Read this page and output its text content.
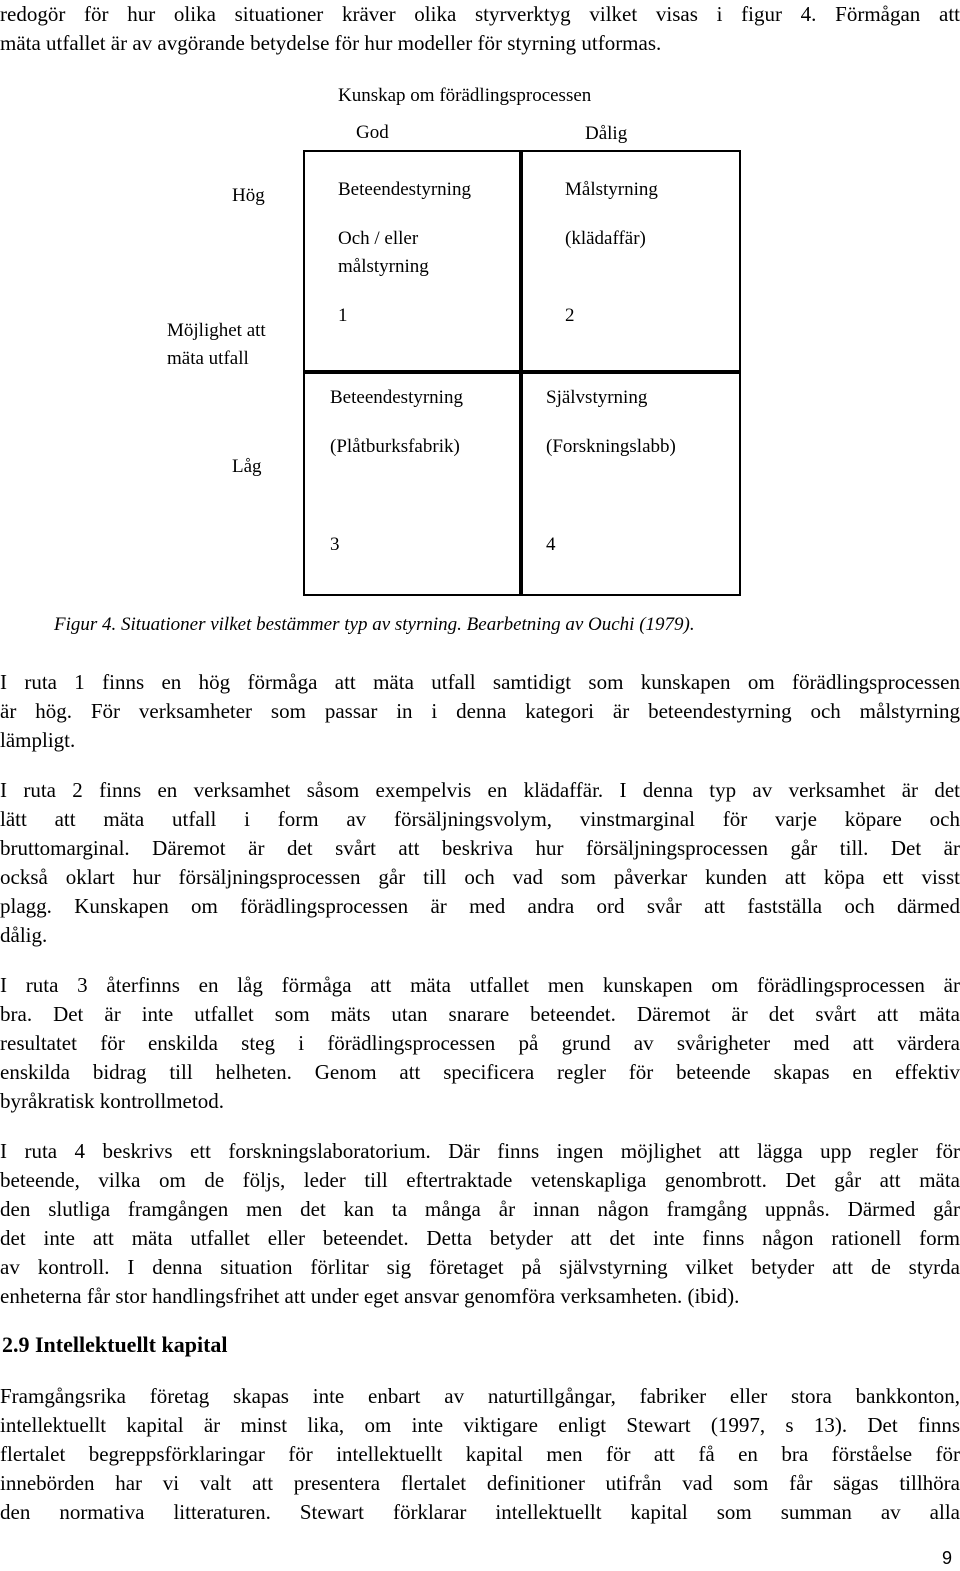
redogör för hur olika situationer kräver olika styrverktyg vilket visas i figur 4. Förmågan att
mäta utfallet är av avgörande betydelse för hur modeller för styrning utformas.
Kunskap om förädlingsprocessen
God	Dålig
Hög
Möjlighet att
mäta utfall
Låg
Beteendestyrning
Och / eller
målstyrning
1
Målstyrning
(klädaffär)
2
Beteendestyrning
(Plåtburksfabrik)
3
Självstyrning
(Forskningslabb)
4
Figur 4. Situationer vilket bestämmer typ av styrning. Bearbetning av Ouchi (1979).
I ruta 1 finns en hög förmåga att mäta utfall samtidigt som kunskapen om förädlingsprocessen
är hög. För verksamheter som passar in i denna kategori är beteendestyrning och målstyrning
lämpligt.
I ruta 2 finns en verksamhet såsom exempelvis en klädaffär. I denna typ av verksamhet är det
lätt att mäta utfall i form av försäljningsvolym, vinstmarginal för varje köpare och
bruttomarginal. Däremot är det svårt att beskriva hur försäljningsprocessen går till. Det är
också oklart hur försäljningsprocessen går till och vad som påverkar kunden att köpa ett visst
plagg. Kunskapen om förädlingsprocessen är med andra ord svår att fastställa och därmed
dålig.
I ruta 3 återfinns en låg förmåga att mäta utfallet men kunskapen om förädlingsprocessen är
bra. Det är inte utfallet som mäts utan snarare beteendet. Däremot är det svårt att mäta
resultatet för enskilda steg i förädlingsprocessen på grund av svårigheter med att värdera
enskilda bidrag till helheten. Genom att specificera regler för beteende skapas en effektiv
byråkratisk kontrollmetod.
I ruta 4 beskrivs ett forskningslaboratorium. Där finns ingen möjlighet att lägga upp regler för
beteende, vilka om de följs, leder till eftertraktade vetenskapliga genombrott. Det går att mäta
den slutliga framgången men det kan ta många år innan någon framgång uppnås. Därmed går
det inte att mäta utfallet eller beteendet. Detta betyder att det inte finns någon rationell form
av kontroll. I denna situation förlitar sig företaget på självstyrning vilket betyder att de styrda
enheterna får stor handlingsfrihet att under eget ansvar genomföra verksamheten. (ibid).
2.9 Intellektuellt kapital
Framgångsrika företag skapas inte enbart av naturtillgångar, fabriker eller stora bankkonton,
intellektuellt kapital är minst lika, om inte viktigare enligt Stewart (1997, s 13). Det finns
flertalet begreppsförklaringar för intellektuellt kapital men för att få en bra förståelse för
innebörden har vi valt att presentera flertalet definitioner utifrån vad som får sägas tillhöra
den normativa litteraturen. Stewart förklarar intellektuellt kapital som summan av alla
9
